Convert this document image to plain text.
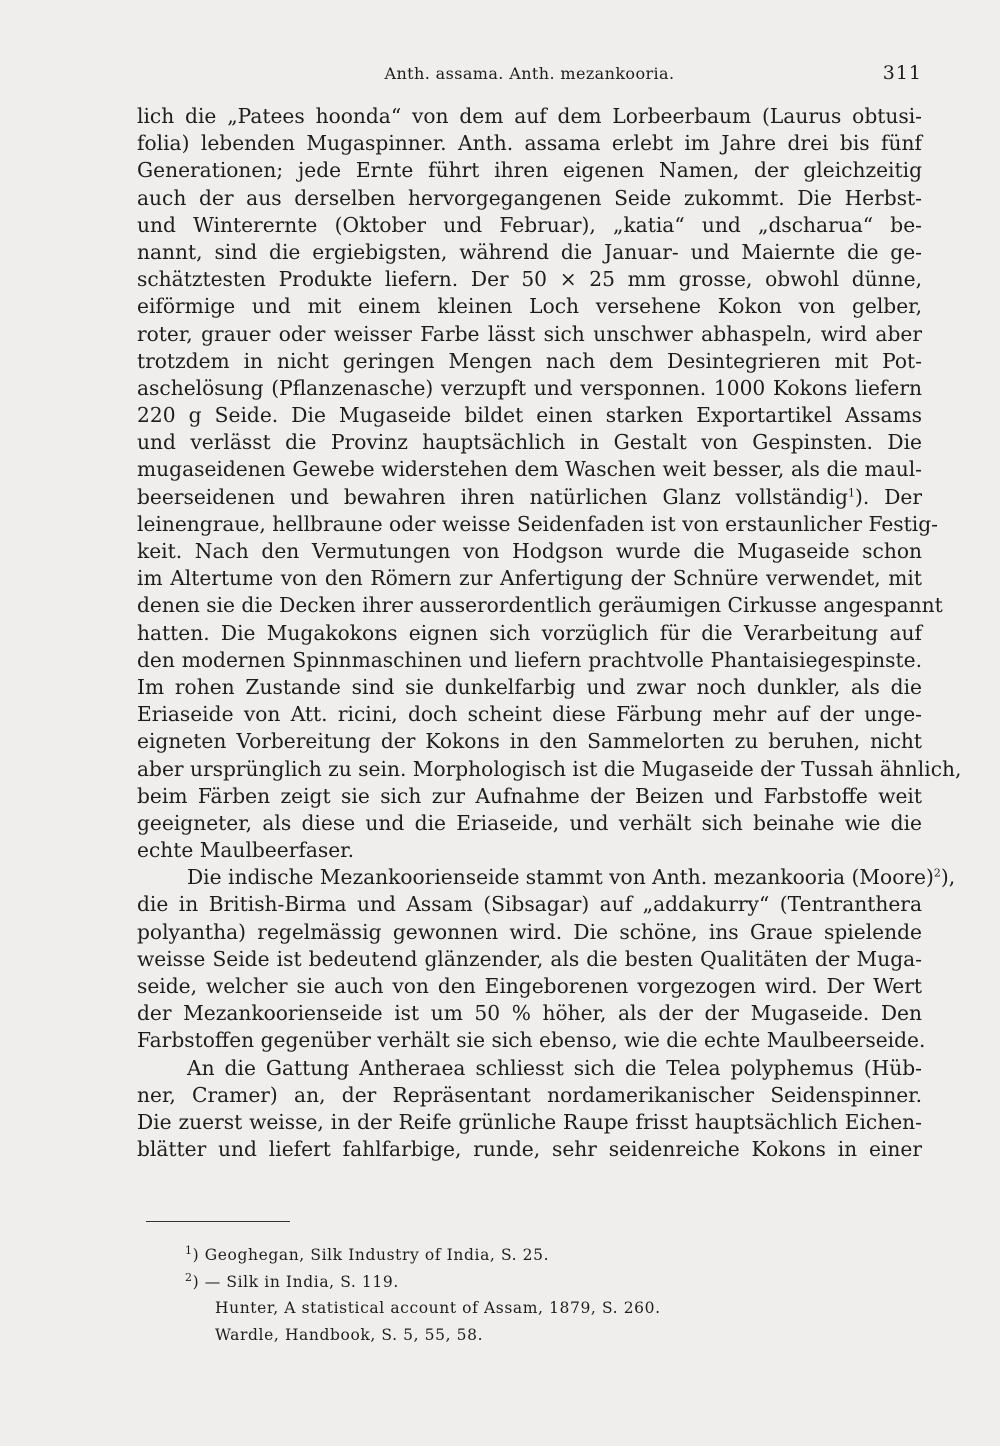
Anth. assama. Anth. mezankooria.	311
lich die „Patees hoonda“ von dem auf dem Lorbeerbaum (Laurus obtusi-
folia) lebenden Mugaspinner. Anth. assama erlebt im Jahre drei bis fünf
Generationen; jede Ernte führt ihren eigenen Namen, der gleichzeitig
auch der aus derselben hervorgegangenen Seide zukommt. Die Herbst-
und Winterernte (Oktober und Februar), „katia“ und „dscharua“ be-
nannt, sind die ergiebigsten, während die Januar- und Maiernte die ge-
schätztesten Produkte liefern. Der 50 × 25 mm grosse, obwohl dünne,
eiförmige und mit einem kleinen Loch versehene Kokon von gelber,
roter, grauer oder weisser Farbe lässt sich unschwer abhaspeln, wird aber
trotzdem in nicht geringen Mengen nach dem Desintegrieren mit Pot-
aschelösung (Pflanzenasche) verzupft und versponnen. 1000 Kokons liefern
220 g Seide. Die Mugaseide bildet einen starken Exportartikel Assams
und verlässt die Provinz hauptsächlich in Gestalt von Gespinsten. Die
mugaseidenen Gewebe widerstehen dem Waschen weit besser, als die maul-
beerseidenen und bewahren ihren natürlichen Glanz vollständig$^1$). Der
leinengraue, hellbraune oder weisse Seidenfaden ist von erstaunlicher Festig-
keit. Nach den Vermutungen von Hodgson wurde die Mugaseide schon
im Altertume von den Römern zur Anfertigung der Schnüre verwendet, mit
denen sie die Decken ihrer ausserordentlich geräumigen Cirkusse angespannt
hatten. Die Mugakokons eignen sich vorzüglich für die Verarbeitung auf
den modernen Spinnmaschinen und liefern prachtvolle Phantaisiegespinste.
Im rohen Zustande sind sie dunkelfarbig und zwar noch dunkler, als die
Eriaseide von Att. ricini, doch scheint diese Färbung mehr auf der unge-
eigneten Vorbereitung der Kokons in den Sammelorten zu beruhen, nicht
aber ursprünglich zu sein. Morphologisch ist die Mugaseide der Tussah ähnlich,
beim Färben zeigt sie sich zur Aufnahme der Beizen und Farbstoffe weit
geeigneter, als diese und die Eriaseide, und verhält sich beinahe wie die
echte Maulbeerfaser.
Die indische Mezankoorienseide stammt von Anth. mezankooria (Moore)$^2$),
die in British-Birma und Assam (Sibsagar) auf „addakurry“ (Tentranthera
polyantha) regelmässig gewonnen wird. Die schöne, ins Graue spielende
weisse Seide ist bedeutend glänzender, als die besten Qualitäten der Muga-
seide, welcher sie auch von den Eingeborenen vorgezogen wird. Der Wert
der Mezankoorienseide ist um 50 % höher, als der der Mugaseide. Den
Farbstoffen gegenüber verhält sie sich ebenso, wie die echte Maulbeerseide.
An die Gattung Antheraea schliesst sich die Telea polyphemus (Hüb-
ner, Cramer) an, der Repräsentant nordamerikanischer Seidenspinner.
Die zuerst weisse, in der Reife grünliche Raupe frisst hauptsächlich Eichen-
blätter und liefert fahlfarbige, runde, sehr seidenreiche Kokons in einer
$^1$) Geoghegan, Silk Industry of India, S. 25.
$^2$) — Silk in India, S. 119.
Hunter, A statistical account of Assam, 1879, S. 260.
Wardle, Handbook, S. 5, 55, 58.
